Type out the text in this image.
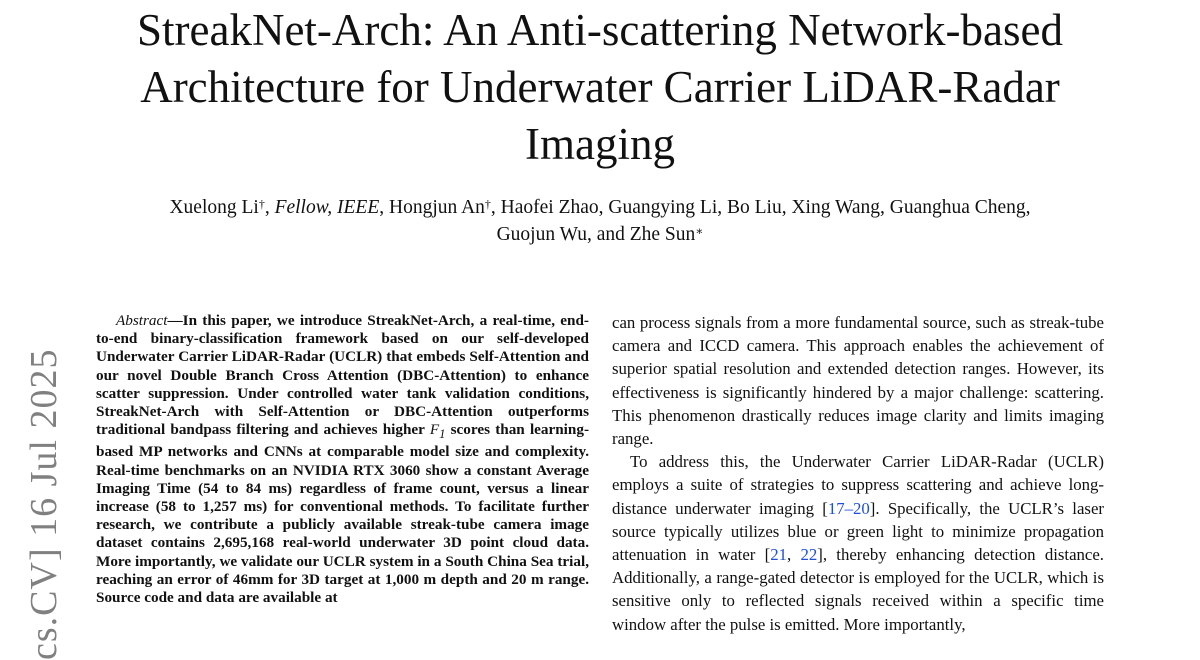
StreakNet-Arch: An Anti-scattering Network-based
Architecture for Underwater Carrier LiDAR-Radar
Imaging
Xuelong Li†, Fellow, IEEE, Hongjun An†, Haofei Zhao, Guangying Li, Bo Liu, Xing Wang, Guanghua Cheng,
Guojun Wu, and Zhe Sun∗
cs.CV] 16 Jul 2025

Abstract—In this paper, we introduce StreakNet-Arch, a real-time, end-to-end binary-classification framework based on our self-developed Underwater Carrier LiDAR-Radar (UCLR) that embeds Self-Attention and our novel Double Branch Cross Attention (DBC-Attention) to enhance scatter suppression. Under controlled water tank validation conditions, StreakNet-Arch with Self-Attention or DBC-Attention outperforms traditional bandpass filtering and achieves higher $F_1$ scores than learning-based MP networks and CNNs at comparable model size and complexity. Real-time benchmarks on an NVIDIA RTX 3060 show a constant Average Imaging Time (54 to 84 ms) regardless of frame count, versus a linear increase (58 to 1,257 ms) for conventional methods. To facilitate further research, we contribute a publicly available streak-tube camera image dataset contains 2,695,168 real-world underwater 3D point cloud data. More importantly, we validate our UCLR system in a South China Sea trial, reaching an error of 46mm for 3D target at 1,000 m depth and 20 m range. Source code and data are available at

can process signals from a more fundamental source, such as streak-tube camera and ICCD camera. This approach enables the achievement of superior spatial resolution and extended detection ranges. However, its effectiveness is significantly hindered by a major challenge: scattering. This phenomenon drastically reduces image clarity and limits imaging range.

To address this, the Underwater Carrier LiDAR-Radar (UCLR) employs a suite of strategies to suppress scattering and achieve long-distance underwater imaging [17–20]. Specifically, the UCLR’s laser source typically utilizes blue or green light to minimize propagation attenuation in water [21, 22], thereby enhancing detection distance. Additionally, a range-gated detector is employed for the UCLR, which is sensitive only to reflected signals received within a specific time window after the pulse is emitted. More importantly,
